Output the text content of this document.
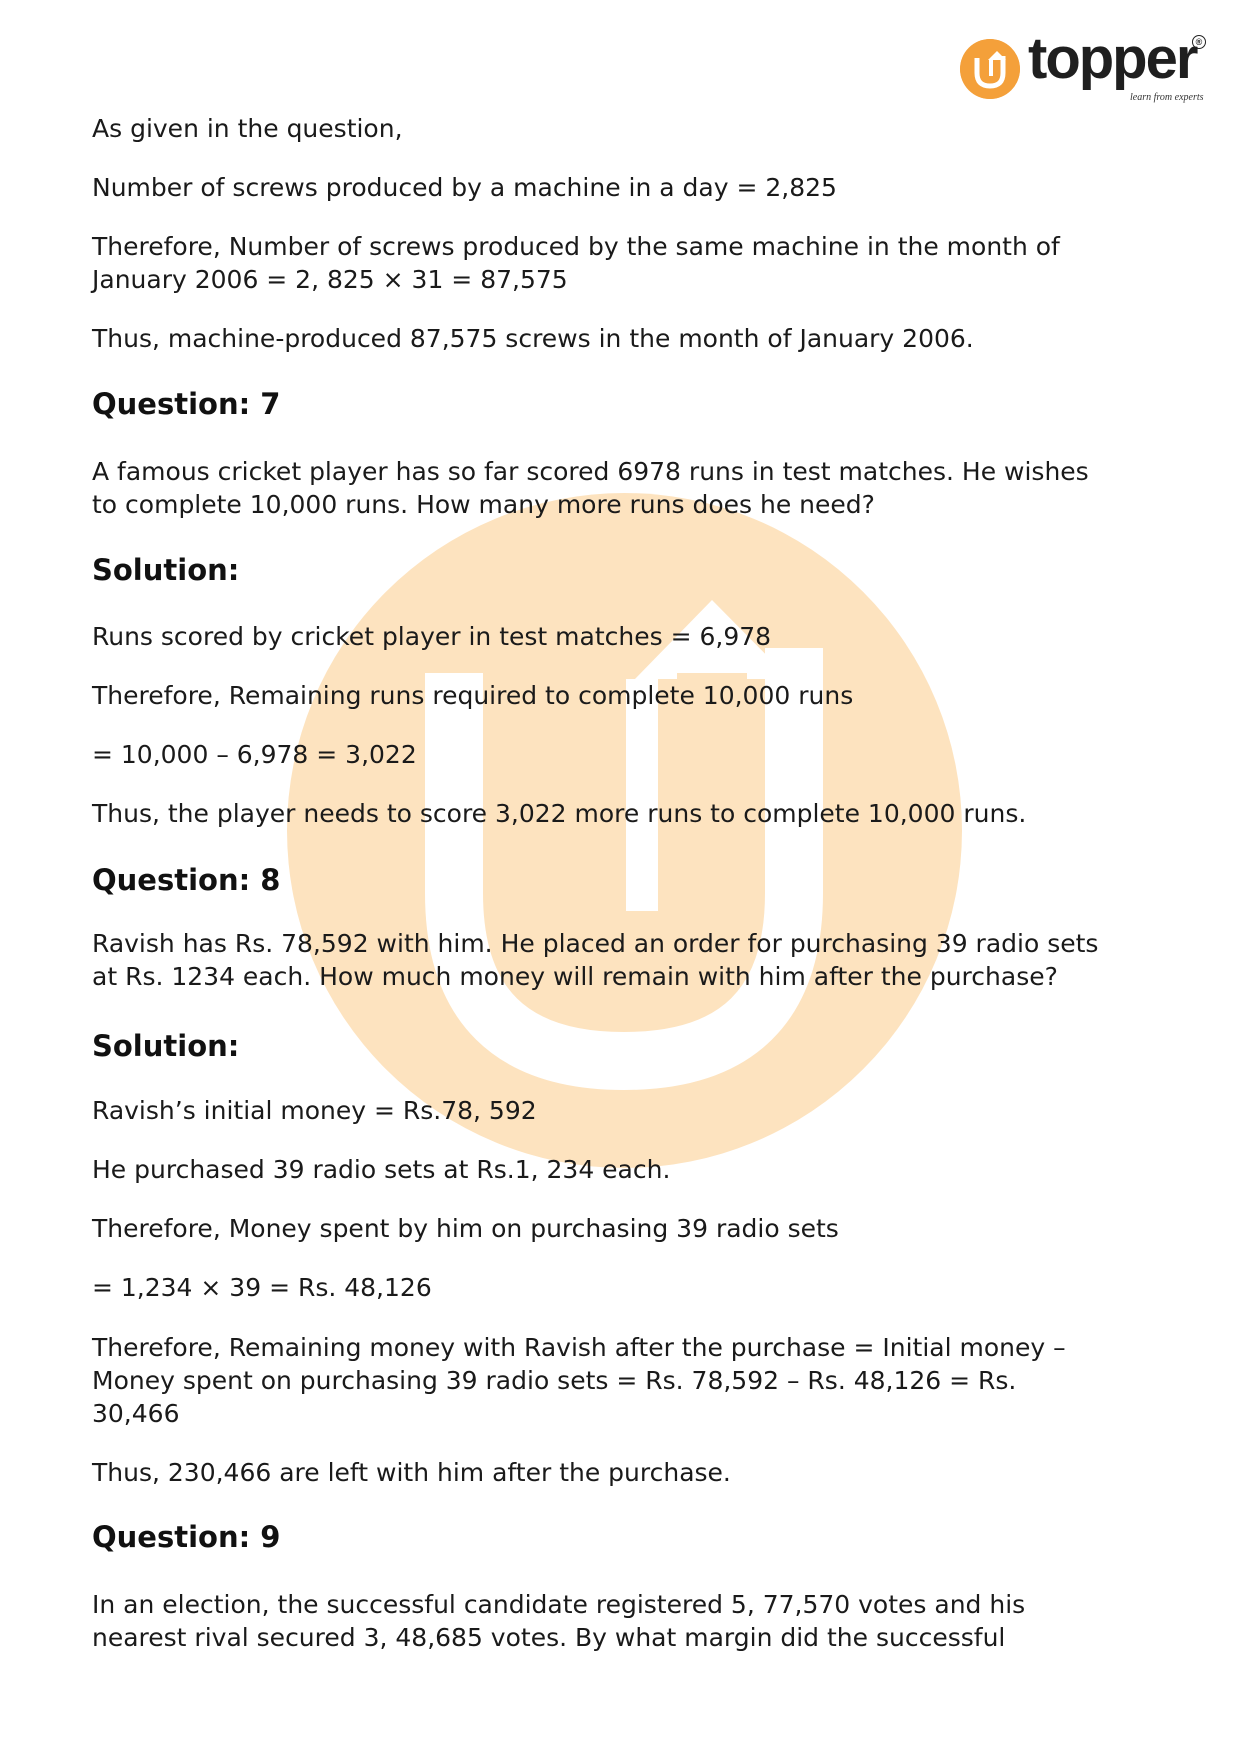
topper ®
learn from experts

As given in the question,

Number of screws produced by a machine in a day = 2,825

Therefore, Number of screws produced by the same machine in the month of

January 2006 = 2, 825 × 31 = 87,575

Thus, machine-produced 87,575 screws in the month of January 2006.

Question: 7

A famous cricket player has so far scored 6978 runs in test matches. He wishes

to complete 10,000 runs. How many more runs does he need?

Solution:

Runs scored by cricket player in test matches = 6,978

Therefore, Remaining runs required to complete 10,000 runs

= 10,000 – 6,978 = 3,022

Thus, the player needs to score 3,022 more runs to complete 10,000 runs.

Question: 8

Ravish has Rs. 78,592 with him. He placed an order for purchasing 39 radio sets

at Rs. 1234 each. How much money will remain with him after the purchase?

Solution:

Ravish’s initial money = Rs.78, 592

He purchased 39 radio sets at Rs.1, 234 each.

Therefore, Money spent by him on purchasing 39 radio sets

= 1,234 × 39 = Rs. 48,126

Therefore, Remaining money with Ravish after the purchase = Initial money –

Money spent on purchasing 39 radio sets = Rs. 78,592 – Rs. 48,126 = Rs.

30,466

Thus, 230,466 are left with him after the purchase.

Question: 9

In an election, the successful candidate registered 5, 77,570 votes and his

nearest rival secured 3, 48,685 votes. By what margin did the successful
